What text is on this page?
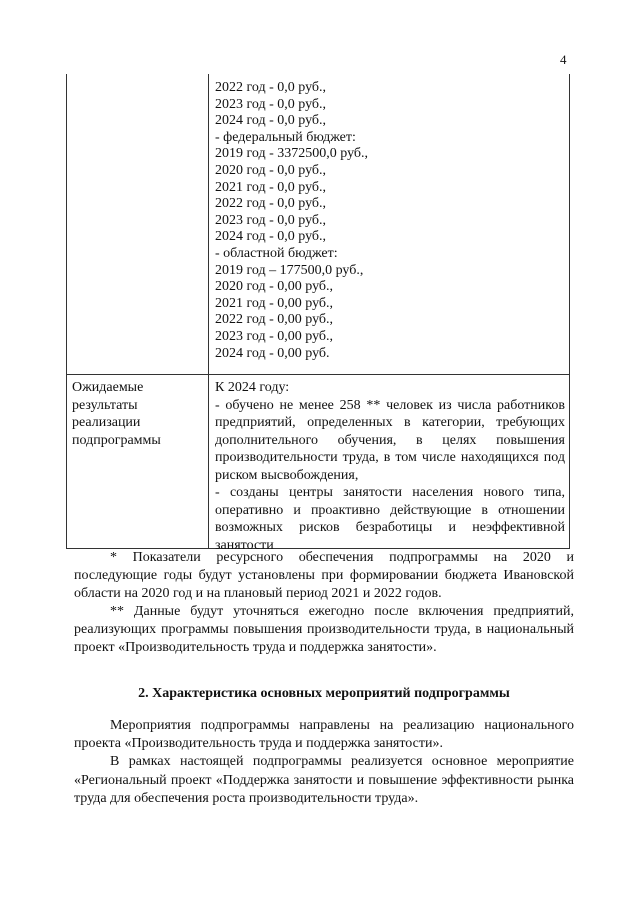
4
2022 год - 0,0 руб.,
2023 год - 0,0 руб.,
2024 год - 0,0 руб.,
- федеральный бюджет:
2019 год - 3372500,0 руб.,
2020 год - 0,0 руб.,
2021 год - 0,0 руб.,
2022 год - 0,0 руб.,
2023 год - 0,0 руб.,
2024 год - 0,0 руб.,
- областной бюджет:
2019 год – 177500,0 руб.,
2020 год - 0,00 руб.,
2021 год - 0,00 руб.,
2022 год - 0,00 руб.,
2023 год - 0,00 руб.,
2024 год - 0,00 руб.
Ожидаемые результаты реализации подпрограммы

К 2024 году:

- обучено не менее 258 ** человек из числа работников предприятий, определенных в категории, требующих дополнительного обучения, в целях повышения производительности труда, в том числе находящихся под риском высвобождения,

- созданы центры занятости населения нового типа, оперативно и проактивно действующие в отношении возможных рисков безработицы и неэффективной занятости

* Показатели ресурсного обеспечения подпрограммы на 2020 и последующие годы будут установлены при формировании бюджета Ивановской области на 2020 год и на плановый период 2021 и 2022 годов.

** Данные будут уточняться ежегодно после включения предприятий, реализующих программы повышения производительности труда, в национальный проект «Производительность труда и поддержка занятости».

2. Характеристика основных мероприятий подпрограммы

Мероприятия подпрограммы направлены на реализацию национального проекта «Производительность труда и поддержка занятости».

В рамках настоящей подпрограммы реализуется основное мероприятие «Региональный проект «Поддержка занятости и повышение эффективности рынка труда для обеспечения роста производительности труда».
